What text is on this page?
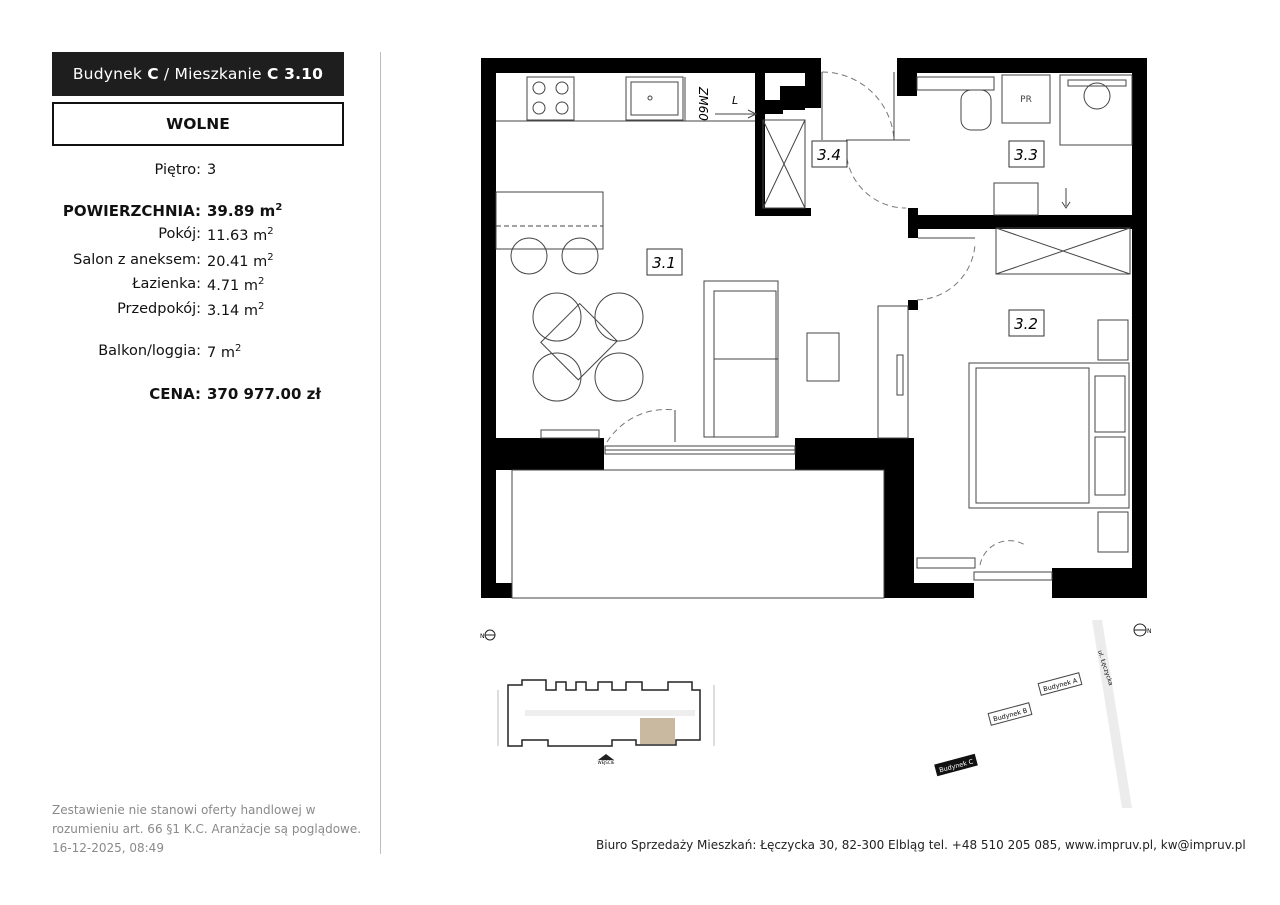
Budynek
C
/
Mieszkanie
C 3.10
WOLNE
Piętro: 3
POWIERZCHNIA: 39.89 $m^2$
Pokój: 11.63 $m^2$
Salon z aneksem: 20.41 $m^2$
Łazienka: 4.71 $m^2$
Przedpokój: 3.14 $m^2$
Balkon/loggia: 7 $m^2$
CENA: 370 977.00 zł
3.1
3.2
3.3
3.4
ZM60 L	PR
N
N
WEJŚCIE
ul. Łęczycka
Budynek A
Budynek B
Budynek C
Zestawienie nie stanowi oferty handlowej w rozumieniu art. 66 §1 K.C. Aranżacje są poglądowe. 16-12-2025, 08:49	Biuro Sprzedaży Mieszkań: Łęczycka 30, 82-300 Elbląg tel. +48 510 205 085, www.impruv.pl, kw@impruv.pl
